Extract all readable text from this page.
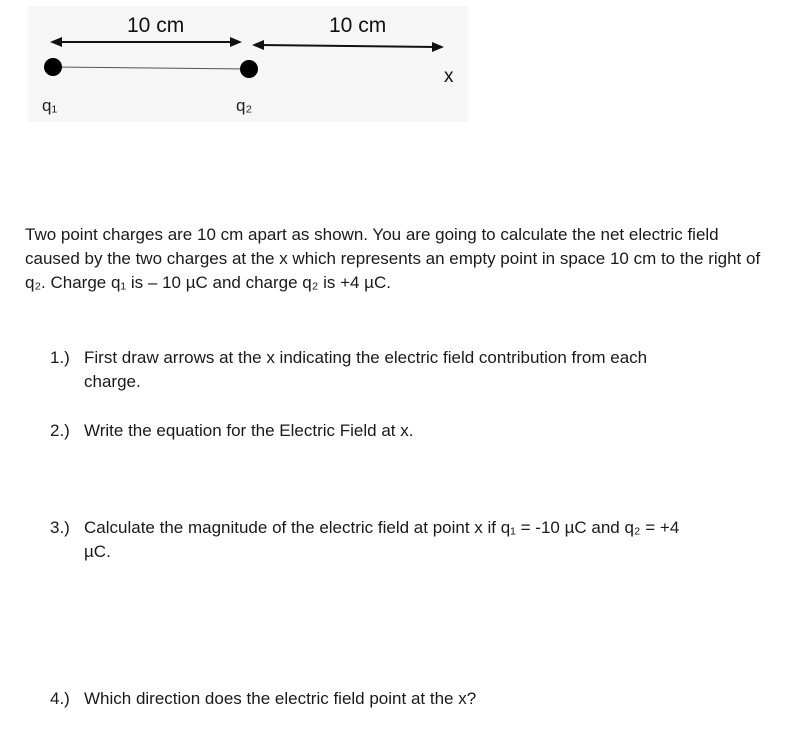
10 cm	10 cm
q₁	q₂
x
Two point charges are 10 cm apart as shown. You are going to calculate the net electric field caused by the two charges at the x which represents an empty point in space 10 cm to the right of q₂. Charge q₁ is – 10 µC and charge q₂ is +4 µC.
1.) First draw arrows at the x indicating the electric field contribution from each
charge.
2.) Write the equation for the Electric Field at x.
3.) Calculate the magnitude of the electric field at point x if q₁ = -10 µC and q₂ = +4
µC.
4.) Which direction does the electric field point at the x?
